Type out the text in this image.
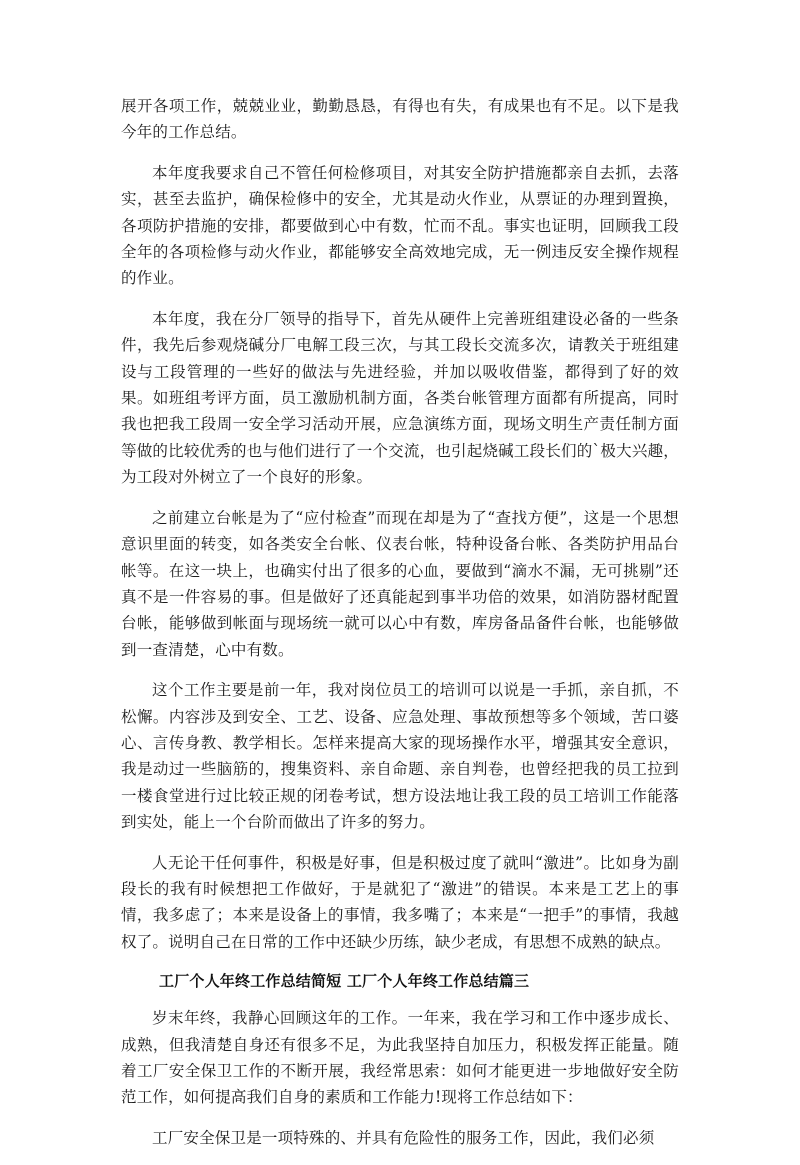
展开各项工作，兢兢业业，勤勤恳恳，有得也有失，有成果也有不足。以下是我今年的工作总结。

本年度我要求自己不管任何检修项目，对其安全防护措施都亲自去抓，去落实，甚至去监护，确保检修中的安全，尤其是动火作业，从票证的办理到置换，各项防护措施的安排，都要做到心中有数，忙而不乱。事实也证明，回顾我工段全年的各项检修与动火作业，都能够安全高效地完成，无一例违反安全操作规程的作业。

本年度，我在分厂领导的指导下，首先从硬件上完善班组建设必备的一些条件，我先后参观烧碱分厂电解工段三次，与其工段长交流多次，请教关于班组建设与工段管理的一些好的做法与先进经验，并加以吸收借鉴，都得到了好的效果。如班组考评方面，员工激励机制方面，各类台帐管理方面都有所提高，同时我也把我工段周一安全学习活动开展，应急演练方面，现场文明生产责任制方面等做的比较优秀的也与他们进行了一个交流，也引起烧碱工段长们的`极大兴趣，为工段对外树立了一个良好的形象。

之前建立台帐是为了“应付检查”而现在却是为了“查找方便”，这是一个思想意识里面的转变，如各类安全台帐、仪表台帐，特种设备台帐、各类防护用品台帐等。在这一块上，也确实付出了很多的心血，要做到“滴水不漏，无可挑剔”还真不是一件容易的事。但是做好了还真能起到事半功倍的效果，如消防器材配置台帐，能够做到帐面与现场统一就可以心中有数，库房备品备件台帐，也能够做到一查清楚，心中有数。

这个工作主要是前一年，我对岗位员工的培训可以说是一手抓，亲自抓，不松懈。内容涉及到安全、工艺、设备、应急处理、事故预想等多个领域，苦口婆心、言传身教、教学相长。怎样来提高大家的现场操作水平，增强其安全意识，我是动过一些脑筋的，搜集资料、亲自命题、亲自判卷，也曾经把我的员工拉到一楼食堂进行过比较正规的闭卷考试，想方设法地让我工段的员工培训工作能落到实处，能上一个台阶而做出了许多的努力。

人无论干任何事件，积极是好事，但是积极过度了就叫“激进”。比如身为副段长的我有时候想把工作做好，于是就犯了“激进”的错误。本来是工艺上的事情，我多虑了；本来是设备上的事情，我多嘴了；本来是“一把手”的事情，我越权了。说明自己在日常的工作中还缺少历练，缺少老成，有思想不成熟的缺点。

工厂个人年终工作总结简短 工厂个人年终工作总结篇三

岁末年终，我静心回顾这年的工作。一年来，我在学习和工作中逐步成长、成熟，但我清楚自身还有很多不足，为此我坚持自加压力，积极发挥正能量。随着工厂安全保卫工作的不断开展，我经常思索：如何才能更进一步地做好安全防范工作，如何提高我们自身的素质和工作能力!现将工作总结如下：

工厂安全保卫是一项特殊的、并具有危险性的服务工作，因此，我们必须
